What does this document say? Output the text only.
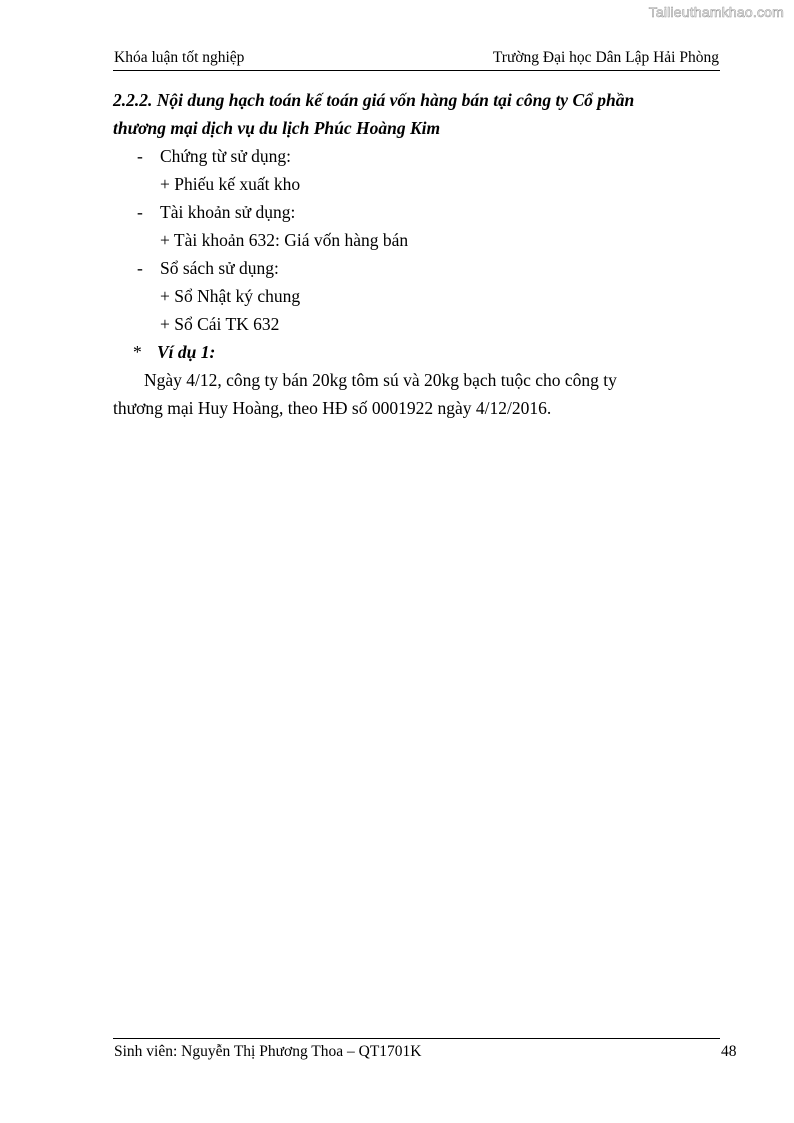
Tailieuthamkhao.com
Khóa luận tốt nghiệp	Trường Đại học Dân Lập Hải Phòng
2.2.2. Nội dung hạch toán kế toán giá vốn hàng bán tại công ty Cổ phần
thương mại dịch vụ du lịch Phúc Hoàng Kim
- Chứng từ sử dụng:
+ Phiếu kế xuất kho
- Tài khoản sử dụng:
+ Tài khoản 632: Giá vốn hàng bán
- Sổ sách sử dụng:
+ Sổ Nhật ký chung
+ Sổ Cái TK 632
* Ví dụ 1:
Ngày 4/12, công ty bán 20kg tôm sú và 20kg bạch tuộc cho công ty
thương mại Huy Hoàng, theo HĐ số 0001922 ngày 4/12/2016.
Sinh viên: Nguyễn Thị Phương Thoa – QT1701K	48
